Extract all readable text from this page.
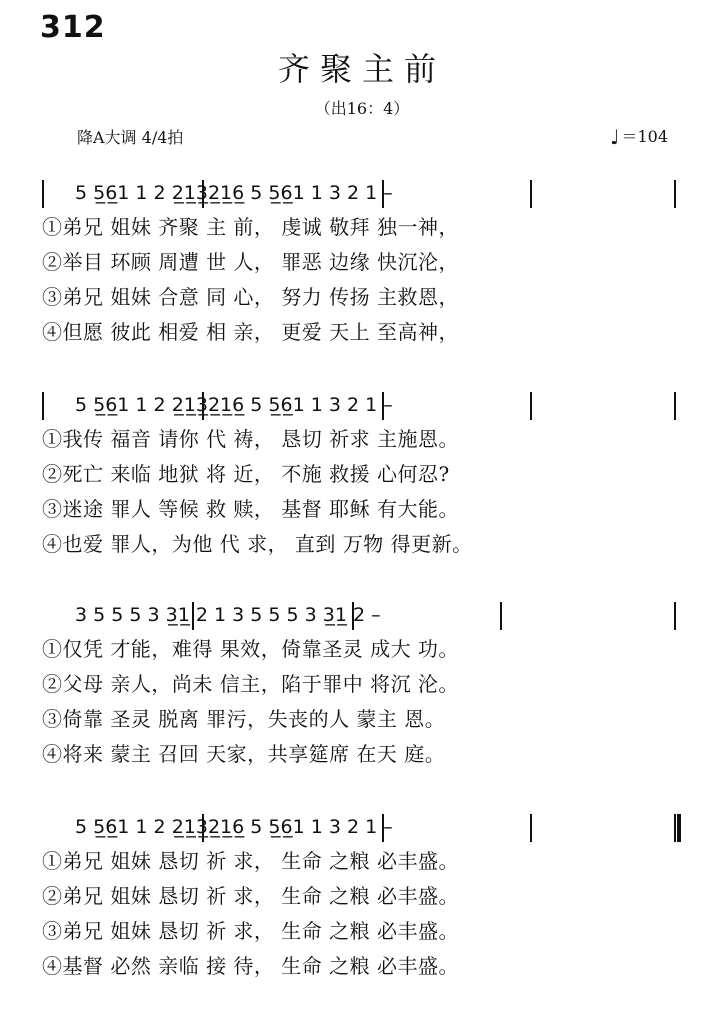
312
齐聚主前
（出16：4）
降A大调 4/4拍	♩ ＝104
5 5̲6̲1 1 2 2̲1̲3̲2̲1̲6̲ 5 5̲6̲1 1 3 2 1 –
①弟兄 姐妹 齐聚 主 前， 虔诚 敬拜 独一神，
②举目 环顾 周遭 世 人， 罪恶 边缘 快沉沦，
③弟兄 姐妹 合意 同 心， 努力 传扬 主救恩，
④但愿 彼此 相爱 相 亲， 更爱 天上 至高神，
5 5̲6̲1 1 2 2̲1̲3̲2̲1̲6̲ 5 5̲6̲1 1 3 2 1 –
①我传 福音 请你 代 祷， 恳切 祈求 主施恩。
②死亡 来临 地狱 将 近， 不施 救援 心何忍?
③迷途 罪人 等候 救 赎， 基督 耶稣 有大能。
④也爱 罪人，为他 代 求， 直到 万物 得更新。
3 5 5 5 3 3̲1̲ 2 1 3 5 5 5 3 3̲1̲ 2 –
①仅凭 才能，难得 果效，倚靠圣灵 成大 功。
②父母 亲人，尚未 信主，陷于罪中 将沉 沦。
③倚靠 圣灵 脱离 罪污，失丧的人 蒙主 恩。
④将来 蒙主 召回 天家，共享筵席 在天 庭。
5 5̲6̲1 1 2 2̲1̲3̲2̲1̲6̲ 5 5̲6̲1 1 3 2 1 –
①弟兄 姐妹 恳切 祈 求， 生命 之粮 必丰盛。
②弟兄 姐妹 恳切 祈 求， 生命 之粮 必丰盛。
③弟兄 姐妹 恳切 祈 求， 生命 之粮 必丰盛。
④基督 必然 亲临 接 待， 生命 之粮 必丰盛。
